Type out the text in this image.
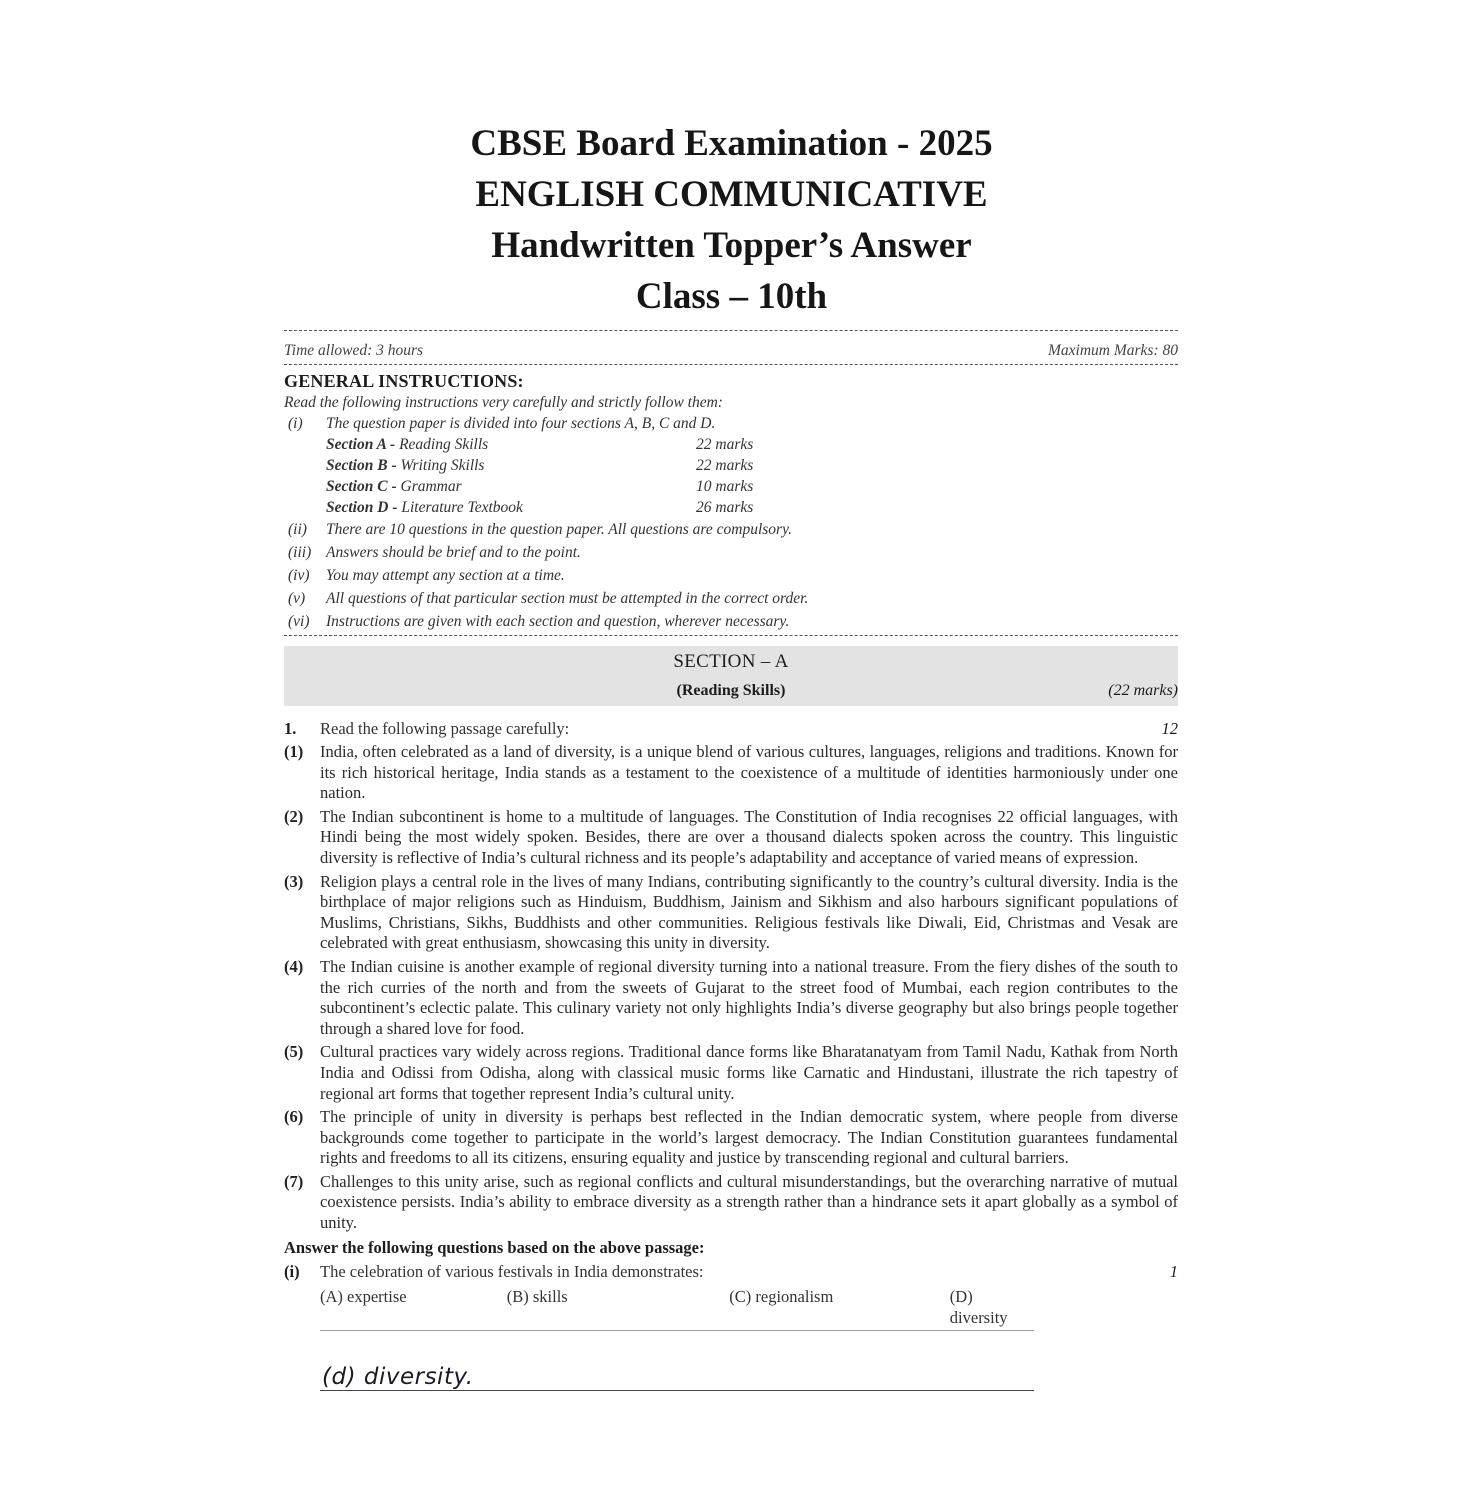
CBSE Board Examination - 2025
ENGLISH COMMUNICATIVE
Handwritten Topper’s Answer
Class – 10th
Time allowed: 3 hours	Maximum Marks: 80
GENERAL INSTRUCTIONS:
Read the following instructions very carefully and strictly follow them:
(i)	The question paper is divided into four sections A, B, C and D.
Section A - Reading Skills	22 marks
Section B - Writing Skills	22 marks
Section C - Grammar	10 marks
Section D - Literature Textbook	26 marks
(ii)	There are 10 questions in the question paper. All questions are compulsory.
(iii) Answers should be brief and to the point.
(iv)	You may attempt any section at a time.
(v)	All questions of that particular section must be attempted in the correct order.
(vi)	Instructions are given with each section and question, wherever necessary.
SECTION – A
(Reading Skills)	(22 marks)
1.	Read the following passage carefully:	12
(1)	India, often celebrated as a land of diversity, is a unique blend of various cultures, languages, religions and traditions. Known for its rich historical heritage, India stands as a testament to the coexistence of a multitude of identities harmoniously under one nation.
(2)	The Indian subcontinent is home to a multitude of languages. The Constitution of India recognises 22 official languages, with Hindi being the most widely spoken. Besides, there are over a thousand dialects spoken across the country. This linguistic diversity is reflective of India’s cultural richness and its people’s adaptability and acceptance of varied means of expression.
(3)	Religion plays a central role in the lives of many Indians, contributing significantly to the country’s cultural diversity. India is the birthplace of major religions such as Hinduism, Buddhism, Jainism and Sikhism and also harbours significant populations of Muslims, Christians, Sikhs, Buddhists and other communities. Religious festivals like Diwali, Eid, Christmas and Vesak are celebrated with great enthusiasm, showcasing this unity in diversity.
(4)	The Indian cuisine is another example of regional diversity turning into a national treasure. From the fiery dishes of the south to the rich curries of the north and from the sweets of Gujarat to the street food of Mumbai, each region contributes to the subcontinent’s eclectic palate. This culinary variety not only highlights India’s diverse geography but also brings people together through a shared love for food.
(5)	Cultural practices vary widely across regions. Traditional dance forms like Bharatanatyam from Tamil Nadu, Kathak from North India and Odissi from Odisha, along with classical music forms like Carnatic and Hindustani, illustrate the rich tapestry of regional art forms that together represent India’s cultural unity.
(6)	The principle of unity in diversity is perhaps best reflected in the Indian democratic system, where people from diverse backgrounds come together to participate in the world’s largest democracy. The Indian Constitution guarantees fundamental rights and freedoms to all its citizens, ensuring equality and justice by transcending regional and cultural barriers.
(7)	Challenges to this unity arise, such as regional conflicts and cultural misunderstandings, but the overarching narrative of mutual coexistence persists. India’s ability to embrace diversity as a strength rather than a hindrance sets it apart globally as a symbol of unity.
Answer the following questions based on the above passage:
(i)	The celebration of various festivals in India demonstrates:	1
(A) expertise	(B) skills	(C) regionalism	(D) diversity
(d) diversity.
